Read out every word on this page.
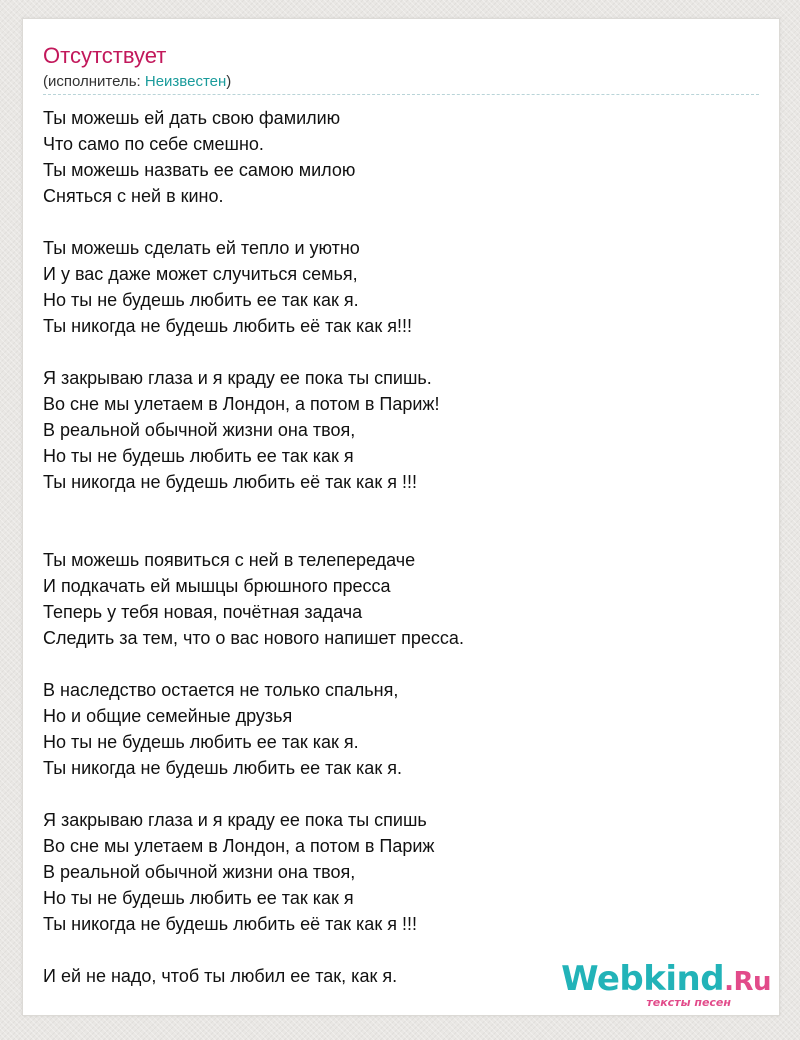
Отсутствует
(исполнитель: Неизвестен)
Ты можешь ей дать свою фамилию
Что само по себе смешно.
Ты можешь назвать ее самою милою
Сняться с ней в кино.
Ты можешь сделать ей тепло и уютно
И у вас даже может случиться семья,
Но ты не будешь любить ее так как я.
Ты никогда не будешь любить её так как я!!!
Я закрываю глаза и я краду ее пока ты спишь.
Во сне мы улетаем в Лондон, а потом в Париж!
В реальной обычной жизни она твоя,
Но ты не будешь любить ее так как я
Ты никогда не будешь любить её так как я !!!
Ты можешь появиться с ней в телепередаче
И подкачать ей мышцы брюшного пресса
Теперь у тебя новая, почётная задача
Следить за тем, что о вас нового напишет пресса.
В наследство остается не только спальня,
Но и общие семейные друзья
Но ты не будешь любить ее так как я.
Ты никогда не будешь любить ее так как я.
Я закрываю глаза и я краду ее пока ты спишь
Во сне мы улетаем в Лондон, а потом в Париж
В реальной обычной жизни она твоя,
Но ты не будешь любить ее так как я
Ты никогда не будешь любить её так как я !!!
И ей не надо, чтоб ты любил ее так, как я.	Webkind.Ru
тексты песен
